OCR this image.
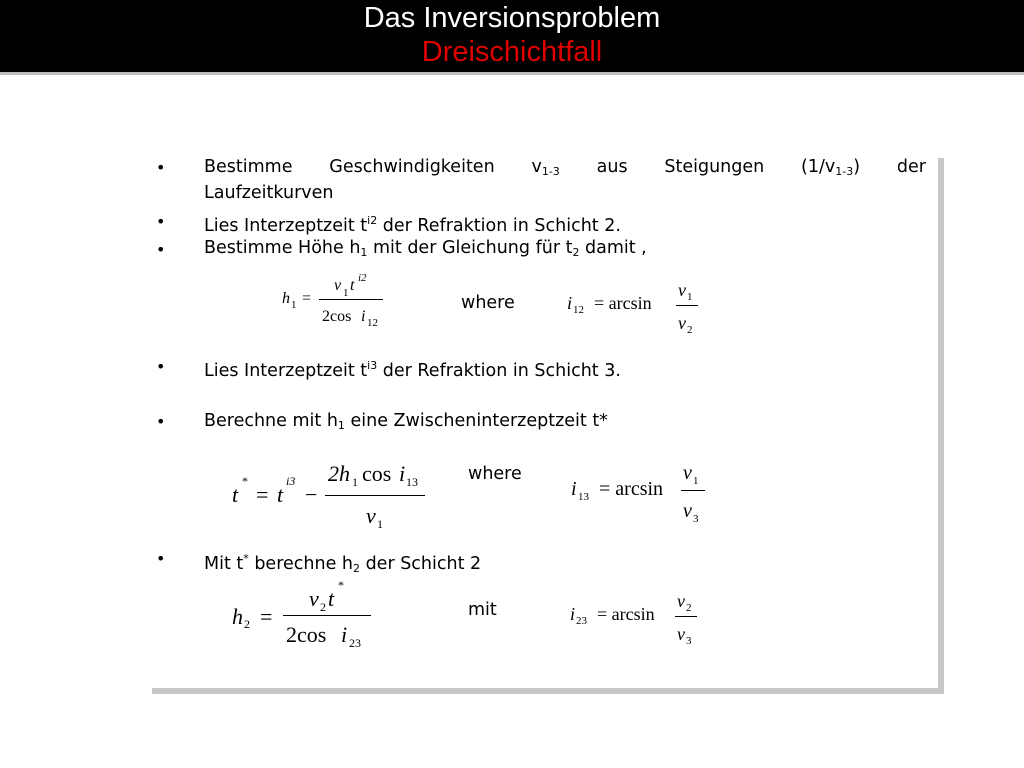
Das Inversionsproblem
Dreischichtfall
• Bestimme Geschwindigkeiten $v_{1-3}$ aus Steigungen $(1/v_{1-3})$ der
Laufzeitkurven
• Lies Interzeptzeit $t^{i2}$ der Refraktion in Schicht 2.
• Bestimme Höhe $h_1$ mit der Gleichung für $t_2$ damit ,
h 1 =
v 1 t i2
2cos i 12
where	i 12 = arcsin
v 1
v 2
• Lies Interzeptzeit $t^{i3}$ der Refraktion in Schicht 3.
• Berechne mit $h_1$ eine Zwischeninterzeptzeit t*
t
*
= t
i3
−
2h 1 cos i 13
v 1
where
i 13 = arcsin
v 1
v 3
• Mit t* berechne $h_2$ der Schicht 2
h 2 =
v 2 t
*
2cos i 23
mit	i 23 = arcsin
v 2
v 3
